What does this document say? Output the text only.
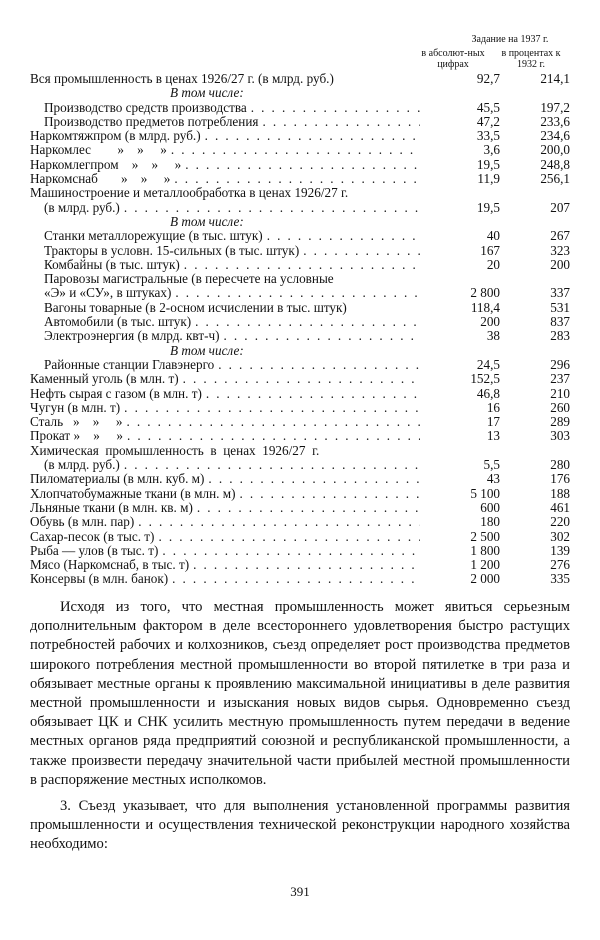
Задание на 1937 г.
в абсолют-ных цифрах
в процентах к 1932 г.
Вся промышленность в ценах 1926/27 г. (в млрд. руб.)	92,7	214,1
В том числе:
Производство средств производства . . .	45,5	197,2
Производство предметов потребления . . .	47,2	233,6
Наркомтяжпром (в млрд. руб.) . . .	33,5	234,6
Наркомлес        »    »     » . . .	3,6	200,0
Наркомлегпром    »    »     » . . .	19,5	248,8
Наркомснаб       »    »     » . . .	11,9	256,1
Машиностроение и металлообработка в ценах 1926/27 г.
(в млрд. руб.) . . .	19,5	207
В том числе:
Станки металлорежущие (в тыс. штук) . . .	40	267
Тракторы в условн. 15-сильных (в тыс. штук) . . .	167	323
Комбайны (в тыс. штук) . . .	20	200
Паровозы магистральные (в пересчете на условные
«Э» и «СУ», в штуках) . . .	2 800	337
Вагоны товарные (в 2-осном исчислении в тыс. штук)	118,4	531
Автомобили (в тыс. штук) . . .	200	837
Электроэнергия (в млрд. квт-ч) . . .	38	283
В том числе:
Районные станции Главэнерго . . .	24,5	296
Каменный уголь (в млн. т) . . .	152,5	237
Нефть сырая с газом (в млн. т) . . .	46,8	210
Чугун (в млн. т) . . .	16	260
Сталь   »    »     » . . .	17	289
Прокат »    »     » . . .	13	303
Химическая  промышленность  в  ценах  1926/27  г.
(в млрд. руб.) . . .	5,5	280
Пиломатериалы (в млн. куб. м) . . .	43	176
Хлопчатобумажные ткани (в млн. м) . . .	5 100	188
Льняные ткани (в млн. кв. м) . . .	600	461
Обувь (в млн. пар) . . .	180	220
Сахар-песок (в тыс. т) . . .	2 500	302
Рыба — улов (в тыс. т) . . .	1 800	139
Мясо (Наркомснаб, в тыс. т) . . .	1 200	276
Консервы (в млн. банок) . . .	2 000	335

Исходя из того, что местная промышленность может явиться серьезным дополнительным фактором в деле всестороннего удовлетворения быстро растущих потребностей рабочих и колхозников, съезд определяет рост производства предметов широкого потребления местной промышленности во второй пятилетке в три раза и обязывает местные органы к проявлению максимальной инициативы в деле развития местной промышленности и изыскания новых видов сырья. Одновременно съезд обязывает ЦК и СНК усилить местную промышленность путем передачи в ведение местных органов ряда предприятий союзной и республиканской промышленности, а также произвести передачу значительной части прибылей местной промышленности в распоряжение местных исполкомов.

3. Съезд указывает, что для выполнения установленной программы развития промышленности и осуществления технической реконструкции народного хозяйства необходимо:

391
